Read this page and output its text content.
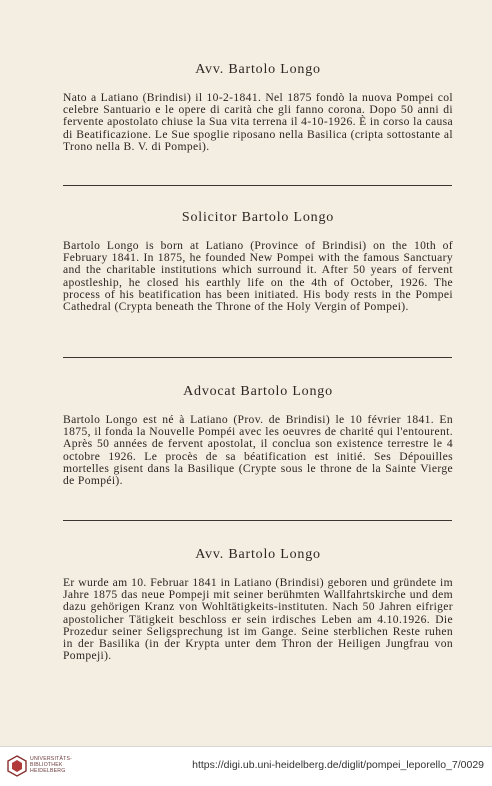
Avv. Bartolo Longo
Nato a Latiano (Brindisi) il 10-2-1841. Nel 1875 fondò la nuova Pompei col celebre Santuario e le opere di carità che gli fanno corona. Dopo 50 anni di fervente apostolato chiuse la Sua vita terrena il 4-10-1926. È in corso la causa di Beatificazione. Le Sue spoglie riposano nella Basilica (cripta sottostante al Trono nella B. V. di Pompei).
Solicitor Bartolo Longo
Bartolo Longo is born at Latiano (Province of Brindisi) on the 10th of February 1841. In 1875, he founded New Pompei with the famous Sanctuary and the charitable institutions which surround it. After 50 years of fervent apostleship, he closed his earthly life on the 4th of October, 1926. The process of his beatification has been initiated. His body rests in the Pompei Cathedral (Crypta beneath the Throne of the Holy Vergin of Pompei).
Advocat Bartolo Longo
Bartolo Longo est né à Latiano (Prov. de Brindisi) le 10 février 1841. En 1875, il fonda la Nouvelle Pompéi avec les oeuvres de charité qui l'entourent. Après 50 années de fervent apostolat, il conclua son existence terrestre le 4 octobre 1926. Le procès de sa béatification est initié. Ses Dépouilles mortelles gisent dans la Basilique (Crypte sous le throne de la Sainte Vierge de Pompéi).
Avv. Bartolo Longo
Er wurde am 10. Februar 1841 in Latiano (Brindisi) geboren und gründete im Jahre 1875 das neue Pompeji mit seiner berühmten Wallfahrtskirche und dem dazu gehörigen Kranz von Wohltätigkeits-instituten. Nach 50 Jahren eifriger apostolicher Tätigkeit beschloss er sein irdisches Leben am 4.10.1926. Die Prozedur seiner Seligsprechung ist im Gange. Seine sterblichen Reste ruhen in der Basilika (in der Krypta unter dem Thron der Heiligen Jungfrau von Pompeji).
UNIVERSITÄTS-
BIBLIOTHEK
HEIDELBERG
https://digi.ub.uni-heidelberg.de/diglit/pompei_leporello_7/0029
